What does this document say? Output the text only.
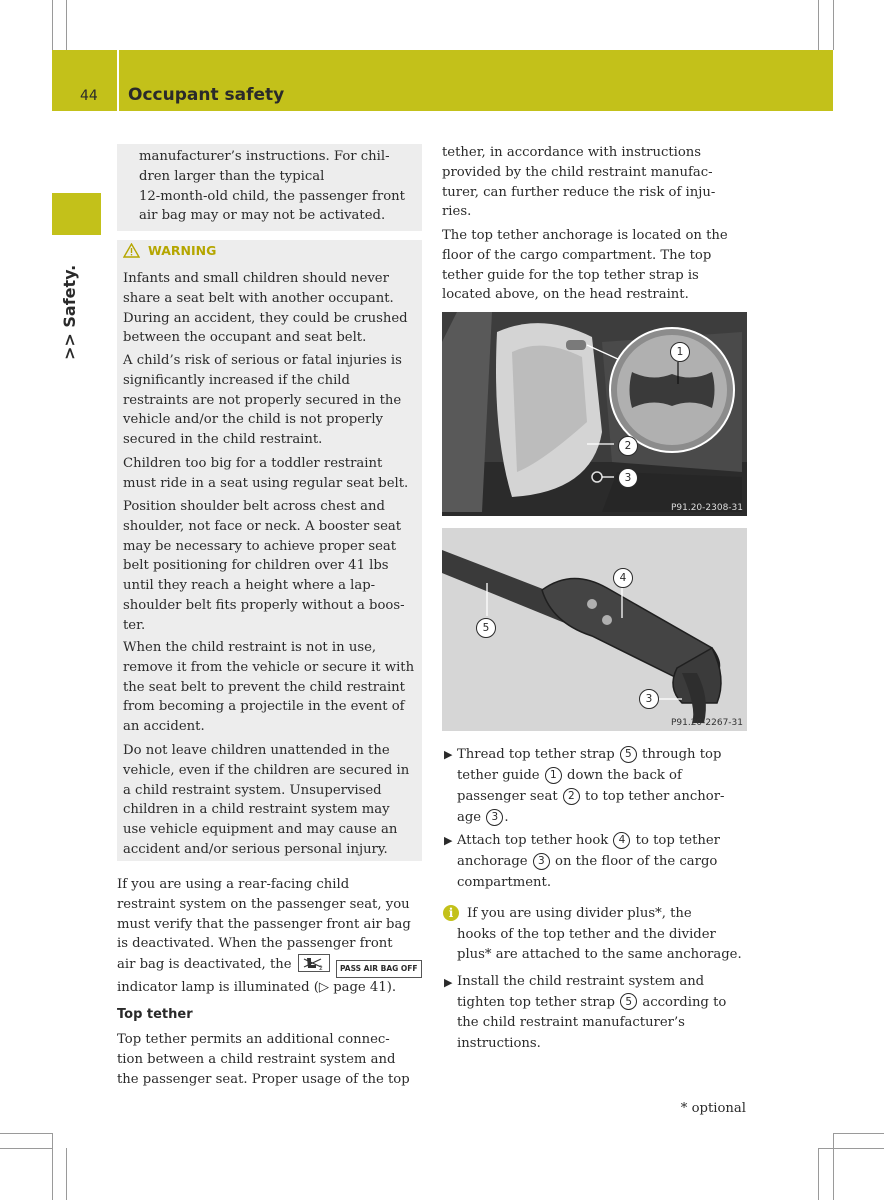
44 Occupant safety
>> Safety.

manufacturer’s instructions. For chil-
dren larger than the typical
12-month-old child, the passenger front
air bag may or may not be activated.

WARNING

Infants and small children should never
share a seat belt with another occupant.
During an accident, they could be crushed
between the occupant and seat belt.

A child’s risk of serious or fatal injuries is
significantly increased if the child
restraints are not properly secured in the
vehicle and/or the child is not properly
secured in the child restraint.

Children too big for a toddler restraint
must ride in a seat using regular seat belt.

Position shoulder belt across chest and
shoulder, not face or neck. A booster seat
may be necessary to achieve proper seat
belt positioning for children over 41 lbs
until they reach a height where a lap-
shoulder belt fits properly without a boos-
ter.

When the child restraint is not in use,
remove it from the vehicle or secure it with
the seat belt to prevent the child restraint
from becoming a projectile in the event of
an accident.

Do not leave children unattended in the
vehicle, even if the children are secured in
a child restraint system. Unsupervised
children in a child restraint system may
use vehicle equipment and may cause an
accident and/or serious personal injury.

If you are using a rear-facing child
restraint system on the passenger seat, you
must verify that the passenger front air bag
is deactivated. When the passenger front
air bag is deactivated, the	2 PASS AIR BAG OFF
indicator lamp is illuminated (▷ page 41).

Top tether

Top tether permits an additional connec-
tion between a child restraint system and
the passenger seat. Proper usage of the top

tether, in accordance with instructions
provided by the child restraint manufac-
turer, can further reduce the risk of inju-
ries.

The top tether anchorage is located on the
floor of the cargo compartment. The top
tether guide for the top tether strap is
located above, on the head restraint.

1
2
3
P91.20-2308-31
4
5
3
P91.20-2267-31
▶ Thread top tether strap 5 through top
tether guide 1 down the back of
passenger seat 2 to top tether anchor-
age 3 .

▶ Attach top tether hook 4 to top tether
anchorage 3 on the floor of the cargo
compartment.

i	If you are using divider plus*, the
hooks of the top tether and the divider
plus* are attached to the same anchorage.

▶ Install the child restraint system and
tighten top tether strap 5 according to
the child restraint manufacturer’s
instructions.

* optional
